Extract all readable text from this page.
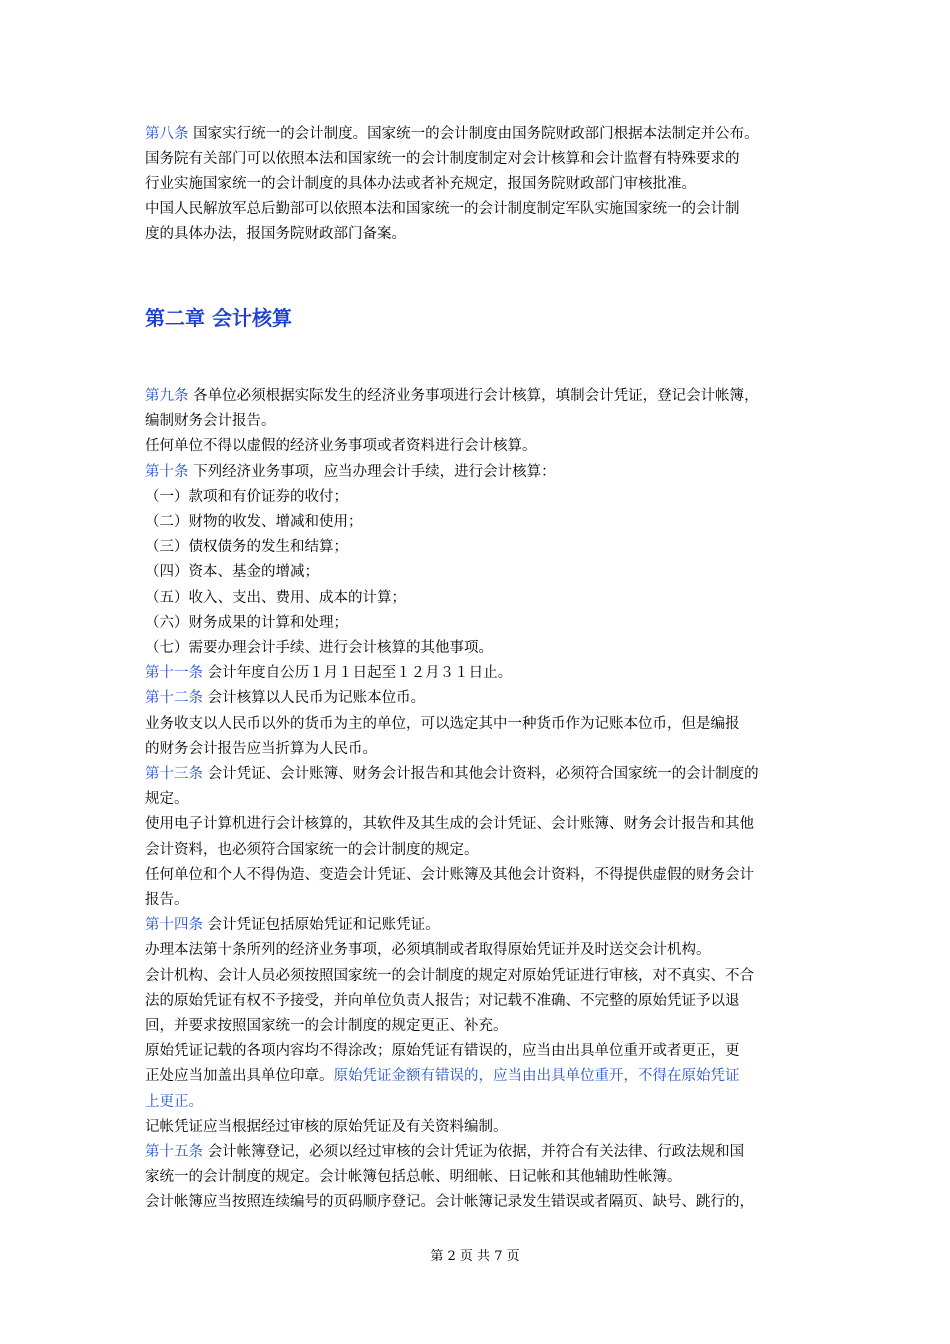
第八条 国家实行统一的会计制度。国家统一的会计制度由国务院财政部门根据本法制定并公布。
国务院有关部门可以依照本法和国家统一的会计制度制定对会计核算和会计监督有特殊要求的
行业实施国家统一的会计制度的具体办法或者补充规定，报国务院财政部门审核批准。
中国人民解放军总后勤部可以依照本法和国家统一的会计制度制定军队实施国家统一的会计制
度的具体办法，报国务院财政部门备案。
第二章 会计核算
第九条 各单位必须根据实际发生的经济业务事项进行会计核算，填制会计凭证，登记会计帐簿，
编制财务会计报告。
任何单位不得以虚假的经济业务事项或者资料进行会计核算。
第十条 下列经济业务事项，应当办理会计手续，进行会计核算：
（一）款项和有价证券的收付；
（二）财物的收发、增减和使用；
（三）债权债务的发生和结算；
（四）资本、基金的增减；
（五）收入、支出、费用、成本的计算；
（六）财务成果的计算和处理；
（七）需要办理会计手续、进行会计核算的其他事项。
第十一条 会计年度自公历１月１日起至１２月３１日止。
第十二条 会计核算以人民币为记账本位币。
业务收支以人民币以外的货币为主的单位，可以选定其中一种货币作为记账本位币，但是编报
的财务会计报告应当折算为人民币。
第十三条 会计凭证、会计账簿、财务会计报告和其他会计资料，必须符合国家统一的会计制度的
规定。
使用电子计算机进行会计核算的，其软件及其生成的会计凭证、会计账簿、财务会计报告和其他
会计资料，也必须符合国家统一的会计制度的规定。
任何单位和个人不得伪造、变造会计凭证、会计账簿及其他会计资料，不得提供虚假的财务会计
报告。
第十四条 会计凭证包括原始凭证和记账凭证。
办理本法第十条所列的经济业务事项，必须填制或者取得原始凭证并及时送交会计机构。
会计机构、会计人员必须按照国家统一的会计制度的规定对原始凭证进行审核，对不真实、不合
法的原始凭证有权不予接受，并向单位负责人报告；对记载不准确、不完整的原始凭证予以退
回，并要求按照国家统一的会计制度的规定更正、补充。
原始凭证记载的各项内容均不得涂改；原始凭证有错误的，应当由出具单位重开或者更正，更
正处应当加盖出具单位印章。原始凭证金额有错误的，应当由出具单位重开，不得在原始凭证
上更正。
记帐凭证应当根据经过审核的原始凭证及有关资料编制。
第十五条 会计帐簿登记，必须以经过审核的会计凭证为依据，并符合有关法律、行政法规和国
家统一的会计制度的规定。会计帐簿包括总帐、明细帐、日记帐和其他辅助性帐簿。
会计帐簿应当按照连续编号的页码顺序登记。会计帐簿记录发生错误或者隔页、缺号、跳行的，
第 2 页 共 7 页
